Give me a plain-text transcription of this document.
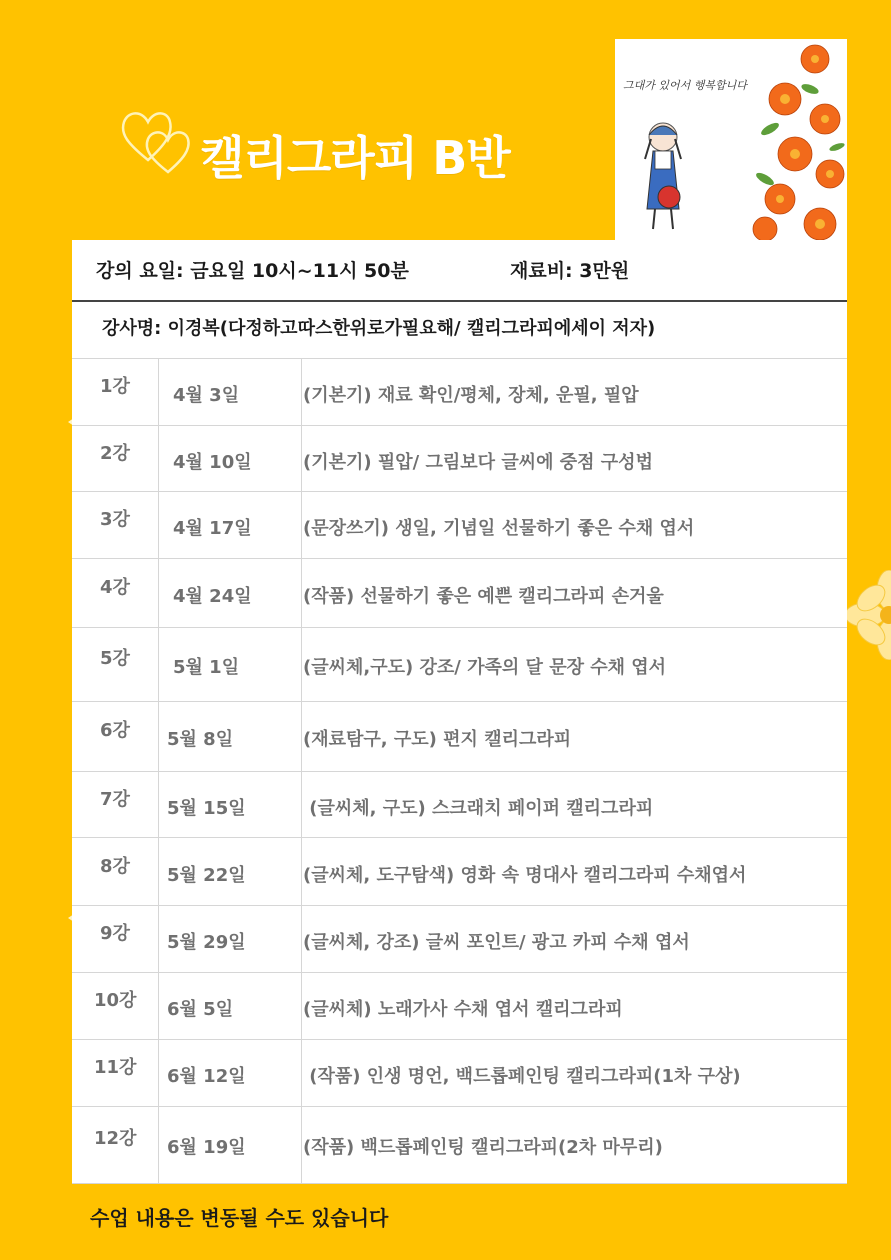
캘리그라피 B반
그대가 있어서 행복합니다
강의 요일: 금요일 10시~11시 50분	재료비: 3만원
강사명: 이경복(다정하고따스한위로가필요해/ 캘리그라피에세이 저자)
1강 4월 3일	(기본기) 재료 확인/평체, 장체, 운필, 필압
2강 4월 10일	(기본기) 필압/ 그림보다 글씨에 중점 구성법
3강 4월 17일	(문장쓰기) 생일, 기념일 선물하기 좋은 수채 엽서
4강 4월 24일	(작품) 선물하기 좋은 예쁜 캘리그라피 손거울
5강 5월 1일	(글씨체,구도) 강조/ 가족의 달 문장 수채 엽서
6강 5월 8일	(재료탐구, 구도) 편지 캘리그라피
7강 5월 15일	(글씨체, 구도) 스크래치 페이퍼 캘리그라피
8강 5월 22일	(글씨체, 도구탐색) 영화 속 명대사 캘리그라피 수채엽서
9강 5월 29일	(글씨체, 강조) 글씨 포인트/ 광고 카피 수채 엽서
10강 6월 5일	(글씨체) 노래가사 수채 엽서 캘리그라피
11강 6월 12일	(작품) 인생 명언, 백드롭페인팅 캘리그라피(1차 구상)
12강 6월 19일	(작품) 백드롭페인팅 캘리그라피(2차 마무리)
수업 내용은 변동될 수도 있습니다
